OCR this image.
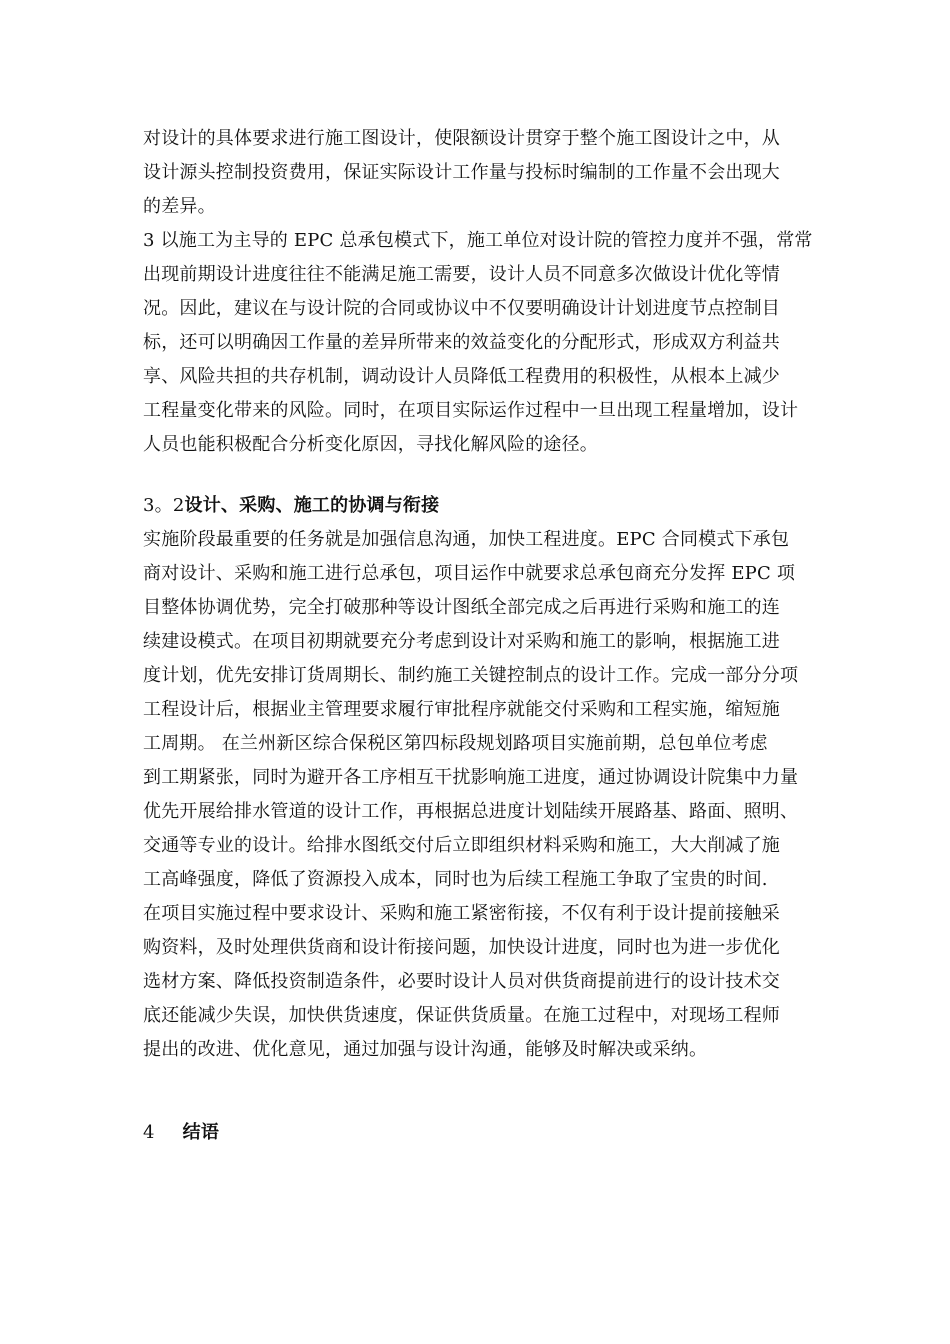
对设计的具体要求进行施工图设计，使限额设计贯穿于整个施工图设计之中，从
设计源头控制投资费用，保证实际设计工作量与投标时编制的工作量不会出现大
的差异。
3 以施工为主导的 EPC 总承包模式下，施工单位对设计院的管控力度并不强，常常
出现前期设计进度往往不能满足施工需要，设计人员不同意多次做设计优化等情
况。因此，建议在与设计院的合同或协议中不仅要明确设计计划进度节点控制目
标，还可以明确因工作量的差异所带来的效益变化的分配形式，形成双方利益共
享、风险共担的共存机制，调动设计人员降低工程费用的积极性，从根本上减少
工程量变化带来的风险。同时，在项目实际运作过程中一旦出现工程量增加，设计
人员也能积极配合分析变化原因，寻找化解风险的途径。
3。2设计、采购、施工的协调与衔接
实施阶段最重要的任务就是加强信息沟通，加快工程进度。EPC 合同模式下承包
商对设计、采购和施工进行总承包，项目运作中就要求总承包商充分发挥 EPC 项
目整体协调优势，完全打破那种等设计图纸全部完成之后再进行采购和施工的连
续建设模式。在项目初期就要充分考虑到设计对采购和施工的影响，根据施工进
度计划，优先安排订货周期长、制约施工关键控制点的设计工作。完成一部分分项
工程设计后，根据业主管理要求履行审批程序就能交付采购和工程实施，缩短施
工周期。 在兰州新区综合保税区第四标段规划路项目实施前期，总包单位考虑
到工期紧张，同时为避开各工序相互干扰影响施工进度，通过协调设计院集中力量
优先开展给排水管道的设计工作，再根据总进度计划陆续开展路基、路面、照明、
交通等专业的设计。给排水图纸交付后立即组织材料采购和施工，大大削减了施
工高峰强度，降低了资源投入成本，同时也为后续工程施工争取了宝贵的时间.
在项目实施过程中要求设计、采购和施工紧密衔接，不仅有利于设计提前接触采
购资料，及时处理供货商和设计衔接问题，加快设计进度，同时也为进一步优化
选材方案、降低投资制造条件，必要时设计人员对供货商提前进行的设计技术交
底还能减少失误，加快供货速度，保证供货质量。在施工过程中，对现场工程师
提出的改进、优化意见，通过加强与设计沟通，能够及时解决或采纳。
4 结语
